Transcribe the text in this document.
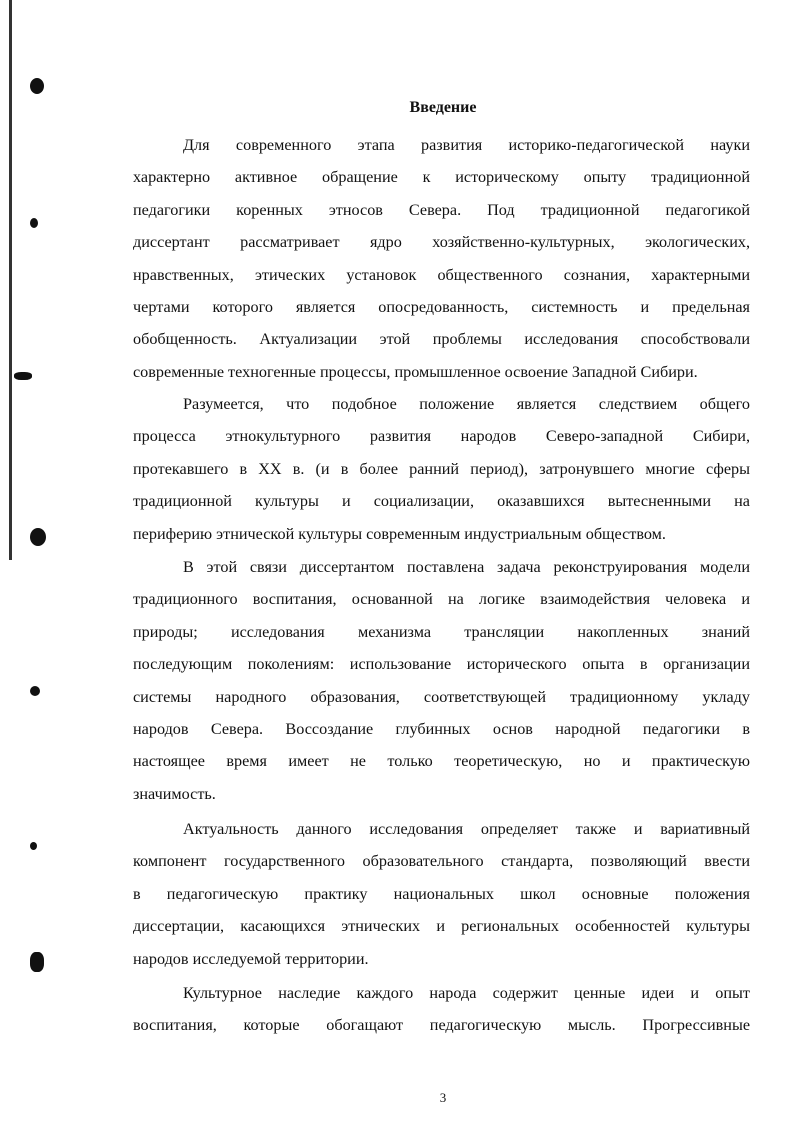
Введение
Для современного этапа развития историко-педагогической науки
характерно активное обращение к историческому опыту традиционной
педагогики коренных этносов Севера. Под традиционной педагогикой
диссертант рассматривает ядро хозяйственно-культурных, экологических,
нравственных, этических установок общественного сознания, характерными
чертами которого является опосредованность, системность и предельная
обобщенность. Актуализации этой проблемы исследования способствовали
современные техногенные процессы, промышленное освоение Западной Сибири.
Разумеется, что подобное положение является следствием общего
процесса этнокультурного развития народов Северо-западной Сибири,
протекавшего в XX в. (и в более ранний период), затронувшего многие сферы
традиционной культуры и социализации, оказавшихся вытесненными на
периферию этнической культуры современным индустриальным обществом.
В этой связи диссертантом поставлена задача реконструирования модели
традиционного воспитания, основанной на логике взаимодействия человека и
природы; исследования механизма трансляции накопленных знаний
последующим поколениям: использование исторического опыта в организации
системы народного образования, соответствующей традиционному укладу
народов Севера. Воссоздание глубинных основ народной педагогики в
настоящее время имеет не только теоретическую, но и практическую
значимость.
Актуальность данного исследования определяет также и вариативный
компонент государственного образовательного стандарта, позволяющий ввести
в педагогическую практику национальных школ основные положения
диссертации, касающихся этнических и региональных особенностей культуры
народов исследуемой территории.
Культурное наследие каждого народа содержит ценные идеи и опыт
воспитания, которые обогащают педагогическую мысль. Прогрессивные
3
